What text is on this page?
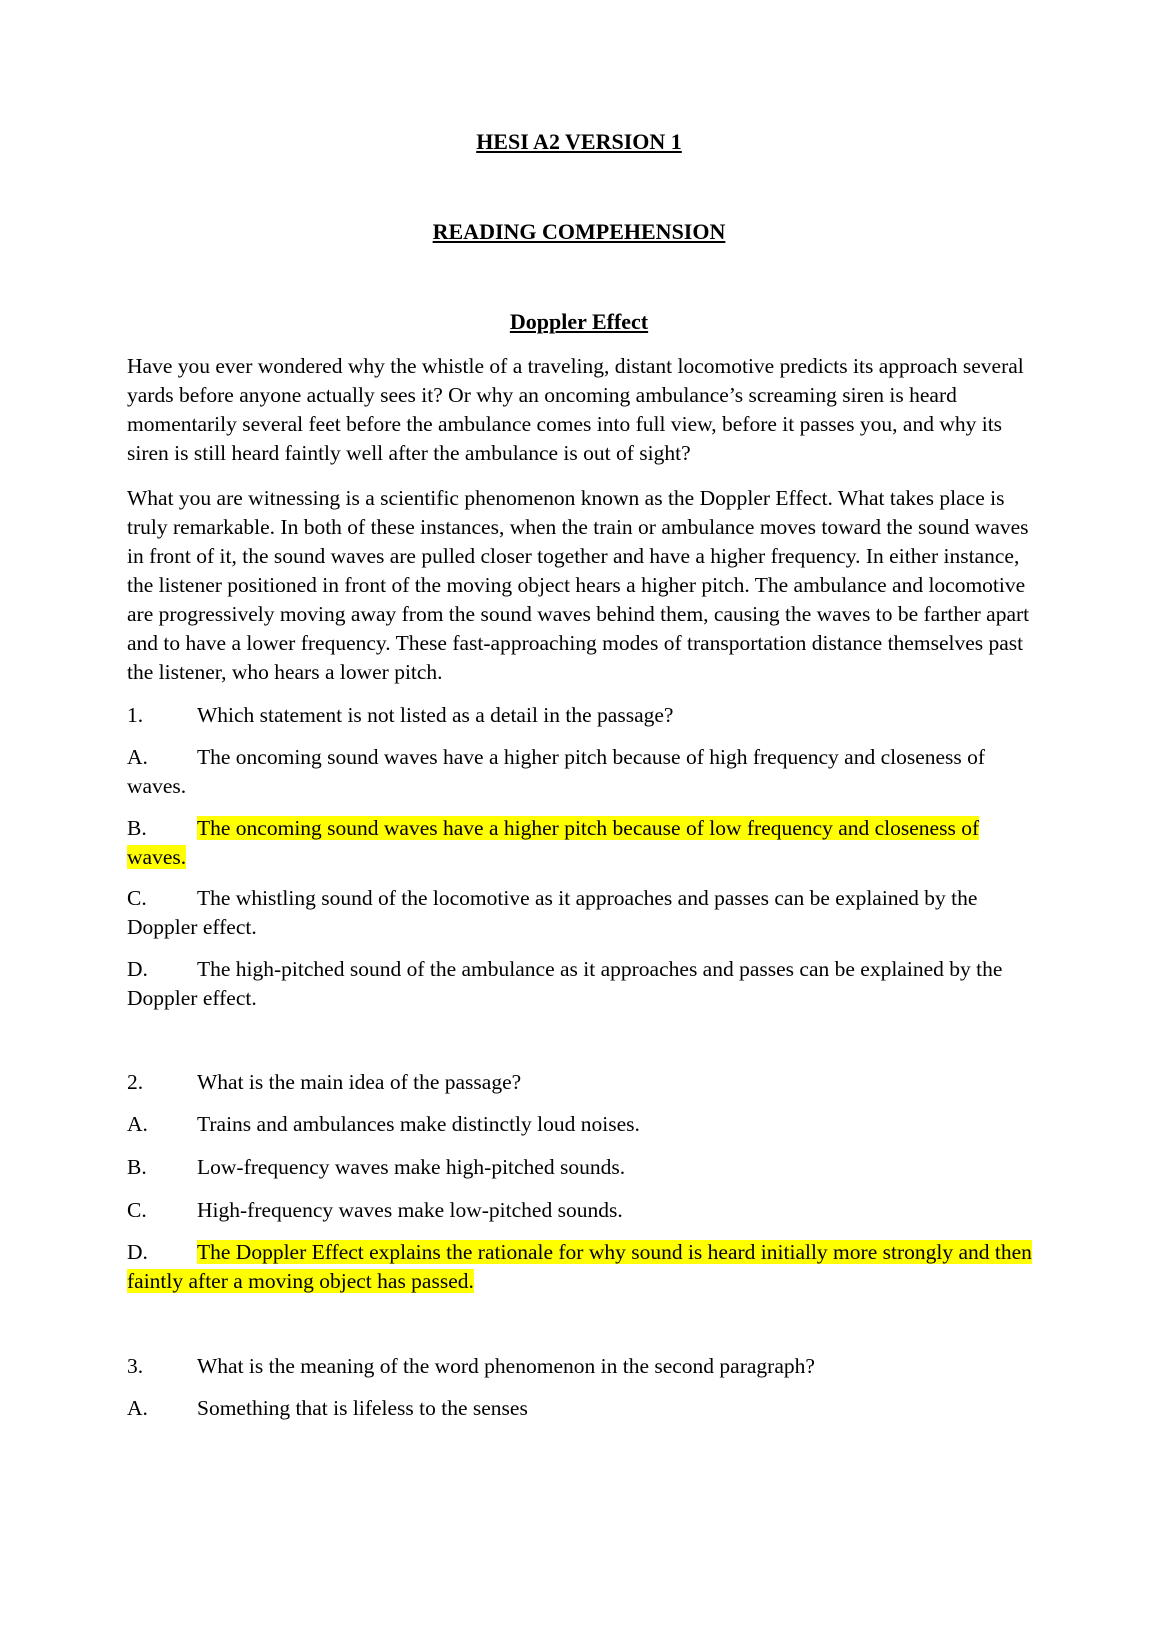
HESI A2 VERSION 1
READING COMPEHENSION
Doppler Effect

Have you ever wondered why the whistle of a traveling, distant locomotive predicts its approach several yards before anyone actually sees it? Or why an oncoming ambulance’s screaming siren is heard momentarily several feet before the ambulance comes into full view, before it passes you, and why its siren is still heard faintly well after the ambulance is out of sight?

What you are witnessing is a scientific phenomenon known as the Doppler Effect. What takes place is truly remarkable. In both of these instances, when the train or ambulance moves toward the sound waves in front of it, the sound waves are pulled closer together and have a higher frequency. In either instance, the listener positioned in front of the moving object hears a higher pitch. The ambulance and locomotive are progressively moving away from the sound waves behind them, causing the waves to be farther apart and to have a lower frequency. These fast-approaching modes of transportation distance themselves past the listener, who hears a lower pitch.

1.	Which statement is not listed as a detail in the passage?
A. The oncoming sound waves have a higher pitch because of high frequency and closeness of waves.
B. The oncoming sound waves have a higher pitch because of low frequency and closeness of waves.
C. The whistling sound of the locomotive as it approaches and passes can be explained by the Doppler effect.
D. The high-pitched sound of the ambulance as it approaches and passes can be explained by the Doppler effect.
2.	What is the main idea of the passage?
A. Trains and ambulances make distinctly loud noises.
B. Low-frequency waves make high-pitched sounds.
C. High-frequency waves make low-pitched sounds.
D. The Doppler Effect explains the rationale for why sound is heard initially more strongly and then faintly after a moving object has passed.
3.	What is the meaning of the word phenomenon in the second paragraph?
A. Something that is lifeless to the senses
